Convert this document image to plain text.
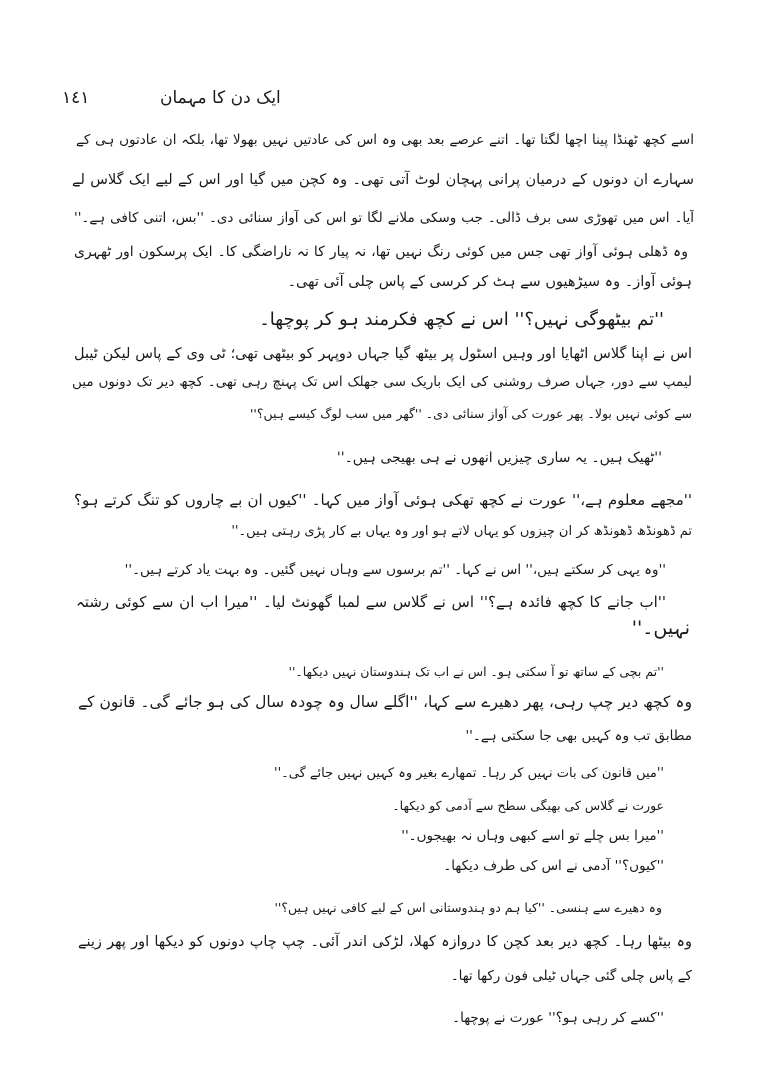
١٤١	ایک دن کا مہمان
اسے کچھ ٹھنڈا پینا اچھا لگتا تھا۔ اتنے عرصے بعد بھی وہ اس کی عادتیں نہیں بھولا تھا، بلکہ ان عادتوں ہی کے
سہارے ان دونوں کے درمیان پرانی پہچان لوٹ آتی تھی۔ وہ کچن میں گیا اور اس کے لیے ایک گلاس لے
آیا۔ اس میں تھوڑی سی برف ڈالی۔ جب وسکی ملانے لگا تو اس کی آواز سنائی دی۔ ''بس، اتنی کافی ہے۔''
وہ ڈھلی ہوئی آواز تھی جس میں کوئی رنگ نہیں تھا، نہ پیار کا نہ ناراضگی کا۔ ایک پرسکون اور ٹھہری
ہوئی آواز۔ وہ سیڑھیوں سے ہٹ کر کرسی کے پاس چلی آئی تھی۔
''تم بیٹھوگی نہیں؟'' اس نے کچھ فکرمند ہو کر پوچھا۔
اس نے اپنا گلاس اٹھایا اور وہیں اسٹول پر بیٹھ گیا جہاں دوپہر کو بیٹھی تھی؛ ٹی وی کے پاس لیکن ٹیبل
لیمپ سے دور، جہاں صرف روشنی کی ایک باریک سی جھلک اس تک پہنچ رہی تھی۔ کچھ دیر تک دونوں میں
سے کوئی نہیں بولا۔ پھر عورت کی آواز سنائی دی۔ ''گھر میں سب لوگ کیسے ہیں؟''
''ٹھیک ہیں۔ یہ ساری چیزیں انھوں نے ہی بھیجی ہیں۔''
''مجھے معلوم ہے،'' عورت نے کچھ تھکی ہوئی آواز میں کہا۔ ''کیوں ان بے چاروں کو تنگ کرتے ہو؟
تم ڈھونڈھ ڈھونڈھ کر ان چیزوں کو یہاں لاتے ہو اور وہ یہاں بے کار پڑی رہتی ہیں۔''
''وہ یہی کر سکتے ہیں،'' اس نے کہا۔ ''تم برسوں سے وہاں نہیں گئیں۔ وہ بہت یاد کرتے ہیں۔''
''اب جانے کا کچھ فائدہ ہے؟'' اس نے گلاس سے لمبا گھونٹ لیا۔ ''میرا اب ان سے کوئی رشتہ
نہیں۔''
''تم بچی کے ساتھ تو آ سکتی ہو۔ اس نے اب تک ہندوستان نہیں دیکھا۔''
وہ کچھ دیر چپ رہی، پھر دھیرے سے کہا، ''اگلے سال وہ چودہ سال کی ہو جائے گی۔ قانون کے
مطابق تب وہ کہیں بھی جا سکتی ہے۔''
''میں قانون کی بات نہیں کر رہا۔ تمھارے بغیر وہ کہیں نہیں جائے گی۔''
عورت نے گلاس کی بھیگی سطح سے آدمی کو دیکھا۔
''میرا بس چلے تو اسے کبھی وہاں نہ بھیجوں۔''
''کیوں؟'' آدمی نے اس کی طرف دیکھا۔
وہ دھیرے سے ہنسی۔ ''کیا ہم دو ہندوستانی اس کے لیے کافی نہیں ہیں؟''
وہ بیٹھا رہا۔ کچھ دیر بعد کچن کا دروازہ کھلا، لڑکی اندر آئی۔ چپ چاپ دونوں کو دیکھا اور پھر زینے
کے پاس چلی گئی جہاں ٹیلی فون رکھا تھا۔
''کسے کر رہی ہو؟'' عورت نے پوچھا۔
